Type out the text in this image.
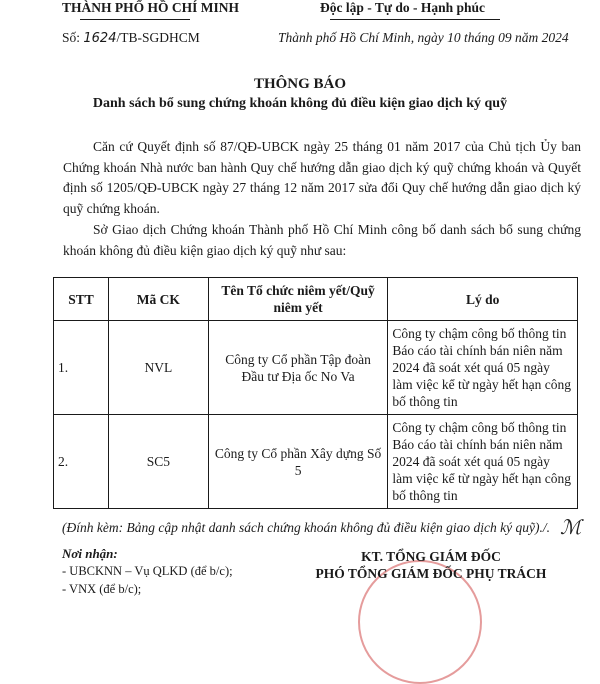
THÀNH PHỐ HỒ CHÍ MINH	Độc lập - Tự do - Hạnh phúc
Số: 1624/TB-SGDHCM	Thành phố Hồ Chí Minh, ngày 10 tháng 09 năm 2024
THÔNG BÁO
Danh sách bổ sung chứng khoán không đủ điều kiện giao dịch ký quỹ
Căn cứ Quyết định số 87/QĐ-UBCK ngày 25 tháng 01 năm 2017 của Chủ tịch Ủy ban Chứng khoán Nhà nước ban hành Quy chế hướng dẫn giao dịch ký quỹ chứng khoán và Quyết định số 1205/QĐ-UBCK ngày 27 tháng 12 năm 2017 sửa đổi Quy chế hướng dẫn giao dịch ký quỹ chứng khoán.
Sở Giao dịch Chứng khoán Thành phố Hồ Chí Minh công bố danh sách bổ sung chứng khoán không đủ điều kiện giao dịch ký quỹ như sau:
STT	Mã CK	Tên Tổ chức niêm yết/Quỹ niêm yết	Lý do
1.	NVL	Công ty Cổ phần Tập đoàn Đầu tư Địa ốc No Va	Công ty chậm công bố thông tin Báo cáo tài chính bán niên năm 2024 đã soát xét quá 05 ngày làm việc kể từ ngày hết hạn công bố thông tin
2.	SC5	Công ty Cổ phần Xây dựng Số 5	Công ty chậm công bố thông tin Báo cáo tài chính bán niên năm 2024 đã soát xét quá 05 ngày làm việc kể từ ngày hết hạn công bố thông tin
(Đính kèm: Bảng cập nhật danh sách chứng khoán không đủ điều kiện giao dịch ký quỹ)./. ℳ
Nơi nhận:
- UBCKNN – Vụ QLKD (để b/c);
- VNX (để b/c);
KT. TỔNG GIÁM ĐỐC
PHÓ TỔNG GIÁM ĐỐC PHỤ TRÁCH
